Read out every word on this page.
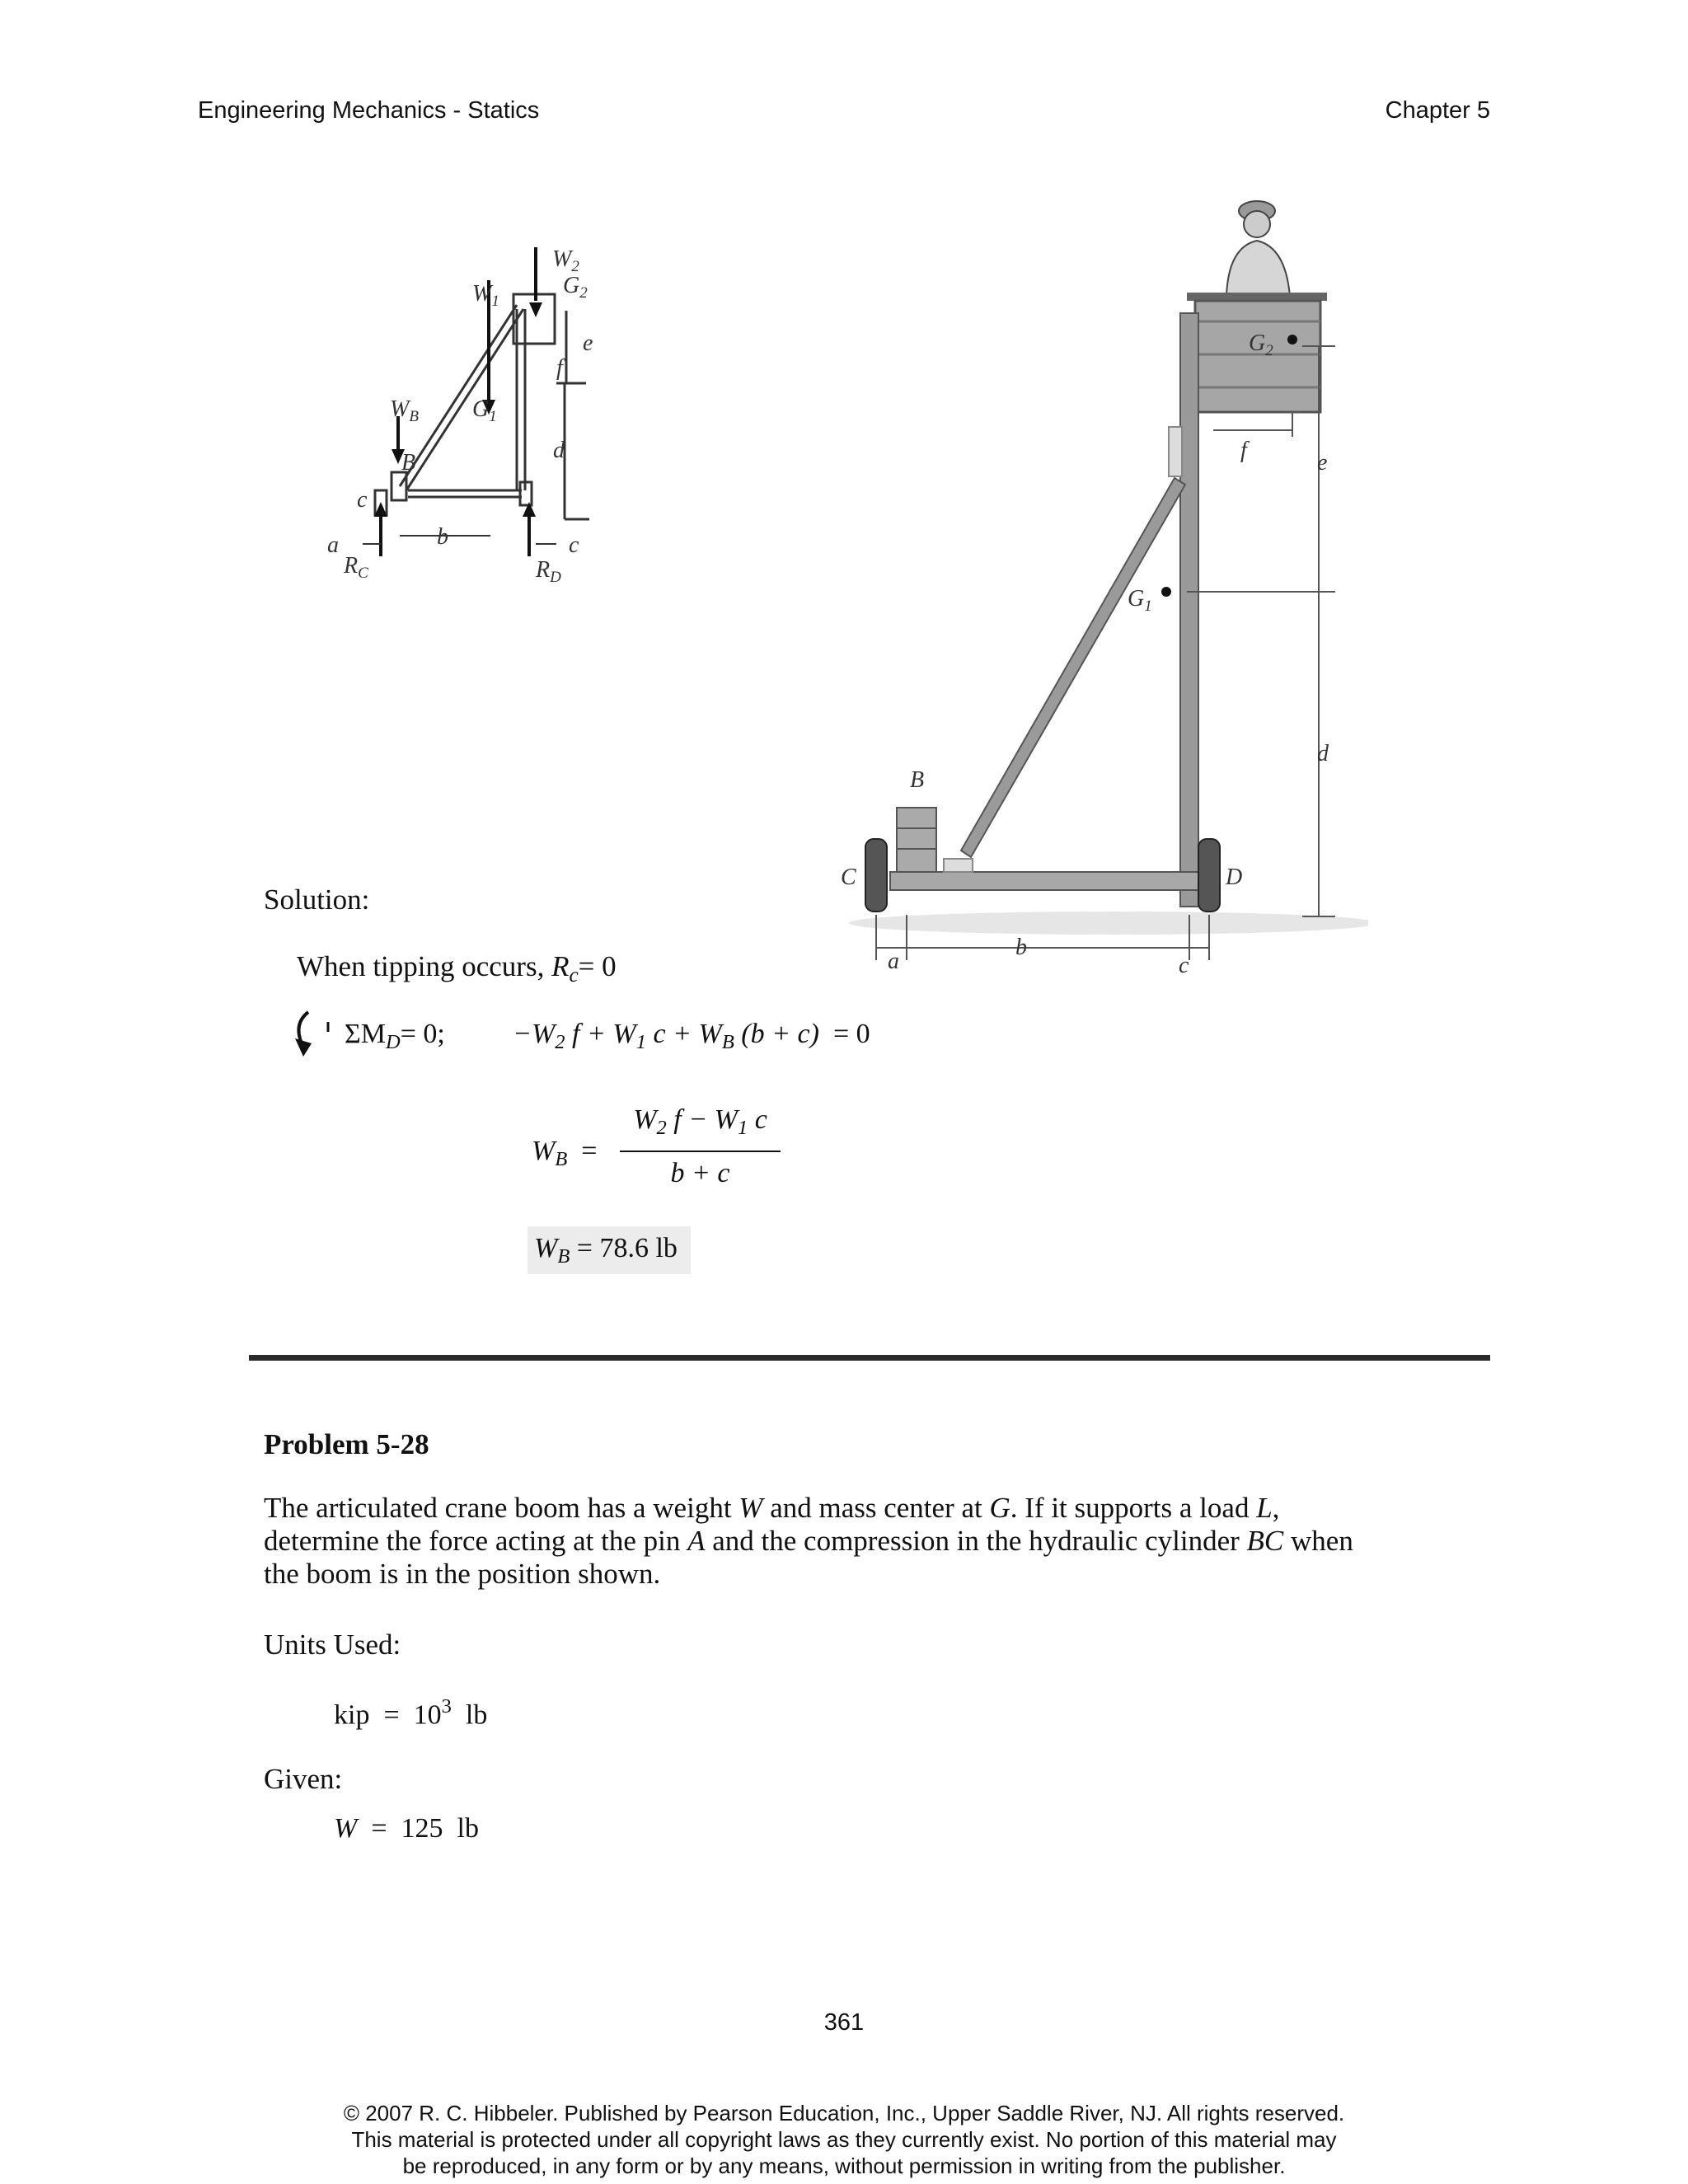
Engineering Mechanics - Statics	Chapter 5
$W_2$
$G_2$
$W_1$
e
f
$W_B$ $G_1$
B	d
c
a	b	c
$R_C$	$R_D$
$G_2$
f	e
$G_1$
d
B
C	D
a
b
c
Solution:
When tipping occurs, $R_c= 0$
$\Sigma M_D= 0$; $-W_2$ $f + W_1$ $c + W_B$ (b + c) = 0
$W_B$ =
$W_2$ $f - W_1$ c
b + c
$W_B = 78.6$ lb
Problem 5-28
The articulated crane boom has a weight W and mass center at G. If it supports a load L,
determine the force acting at the pin A and the compression in the hydraulic cylinder BC when
the boom is in the position shown.
Units Used:
kip = $10^3$ lb
Given:
W = 125 lb
361
© 2007 R. C. Hibbeler. Published by Pearson Education, Inc., Upper Saddle River, NJ. All rights reserved.
This material is protected under all copyright laws as they currently exist. No portion of this material may
be reproduced, in any form or by any means, without permission in writing from the publisher.
